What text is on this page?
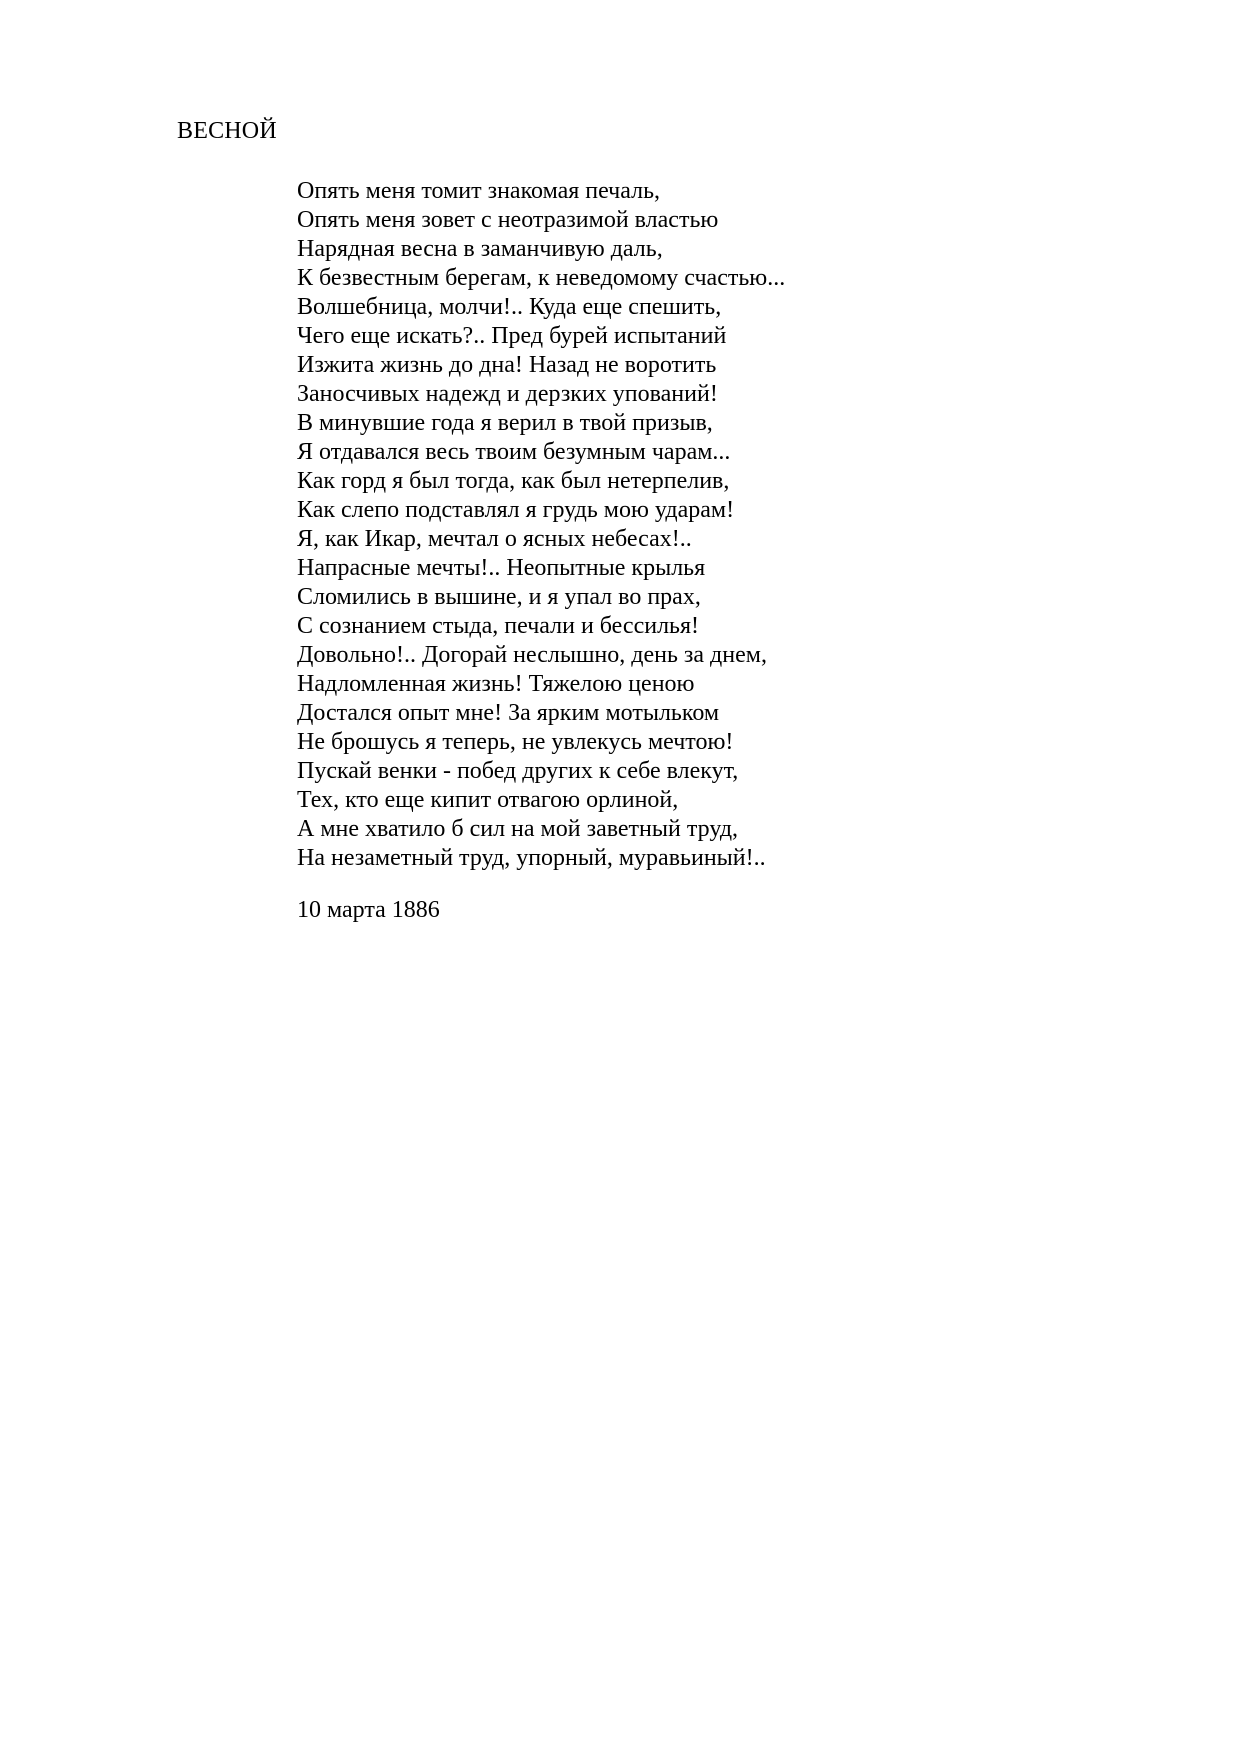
ВЕСНОЙ
Опять меня томит знакомая печаль,
Опять меня зовет с неотразимой властью
Нарядная весна в заманчивую даль,
К безвестным берегам, к неведомому счастью...
Волшебница, молчи!.. Куда еще спешить,
Чего еще искать?.. Пред бурей испытаний
Изжита жизнь до дна! Назад не воротить
Заносчивых надежд и дерзких упований!
В минувшие года я верил в твой призыв,
Я отдавался весь твоим безумным чарам...
Как горд я был тогда, как был нетерпелив,
Как слепо подставлял я грудь мою ударам!
Я, как Икар, мечтал о ясных небесах!..
Напрасные мечты!.. Неопытные крылья
Сломились в вышине, и я упал во прах,
С сознанием стыда, печали и бессилья!
Довольно!.. Догорай неслышно, день за днем,
Надломленная жизнь! Тяжелою ценою
Достался опыт мне! За ярким мотыльком
Не брошусь я теперь, не увлекусь мечтою!
Пускай венки - побед других к себе влекут,
Тех, кто еще кипит отвагою орлиной,
А мне хватило б сил на мой заветный труд,
На незаметный труд, упорный, муравьиный!..
10 марта 1886
